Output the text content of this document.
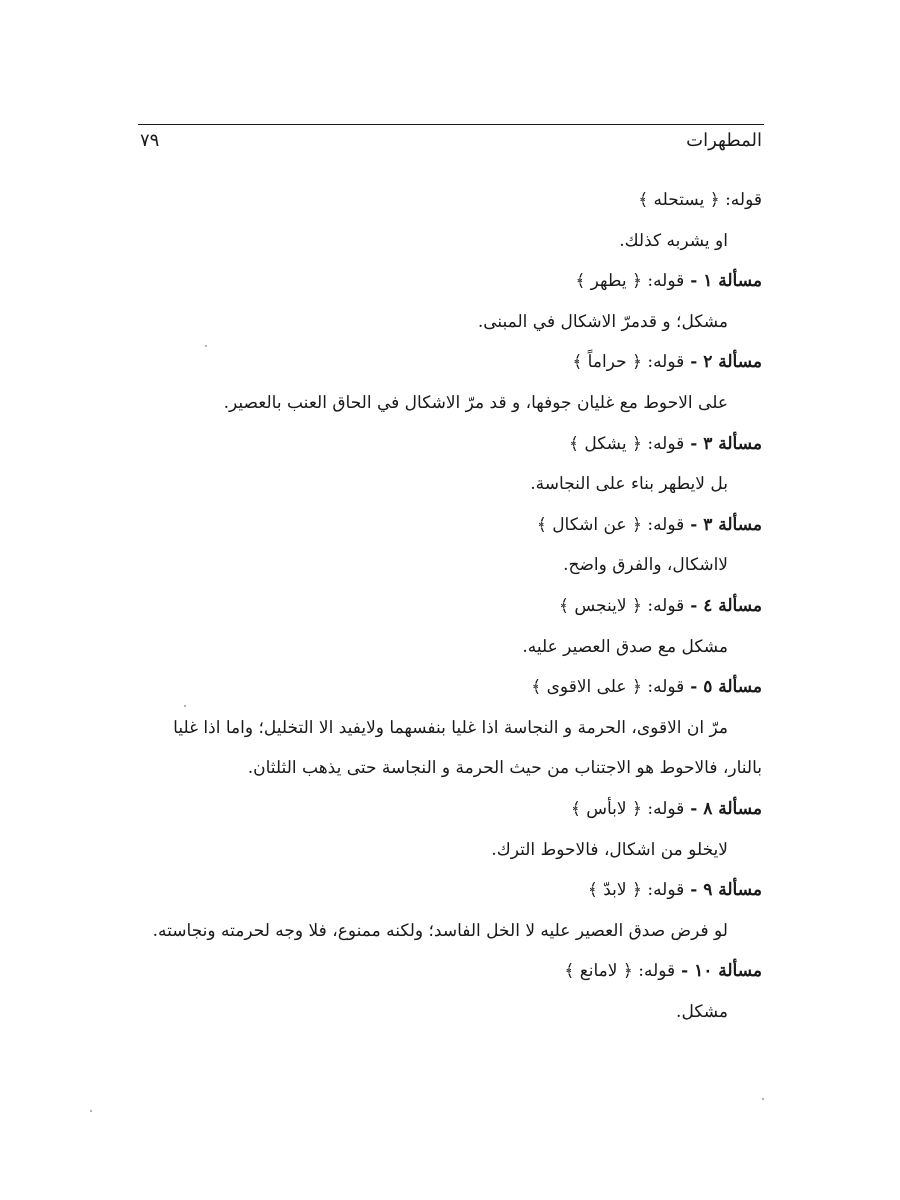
المطهرات
٧٩
قوله: ﴿ يستحله ﴾
او يشربه كذلك.
مسألة ١ - قوله: ﴿ يطهر ﴾
مشكل؛ و قدمرّ الاشكال في المبنى.
مسألة ٢ - قوله: ﴿ حراماً ﴾
على الاحوط مع غليان جوفها، و قد مرّ الاشكال في الحاق العنب بالعصير.
مسألة ٣ - قوله: ﴿ يشكل ﴾
بل لايطهر بناء على النجاسة.
مسألة ٣ - قوله: ﴿ عن اشكال ﴾
لااشكال، والفرق واضح.
مسألة ٤ - قوله: ﴿ لاينجس ﴾
مشكل مع صدق العصير عليه.
مسألة ٥ - قوله: ﴿ على الاقوى ﴾
مرّ ان الاقوى، الحرمة و النجاسة اذا غليا بنفسهما ولايفيد الا التخليل؛ واما اذا غليا
بالنار، فالاحوط هو الاجتناب من حيث الحرمة و النجاسة حتى يذهب الثلثان.
مسألة ٨ - قوله: ﴿ لابأس ﴾
لايخلو من اشكال، فالاحوط الترك.
مسألة ٩ - قوله: ﴿ لابدّ ﴾
لو فرض صدق العصير عليه لا الخل الفاسد؛ ولكنه ممنوع، فلا وجه لحرمته ونجاسته.
مسألة ١٠ - قوله: ﴿ لامانع ﴾
مشكل.
